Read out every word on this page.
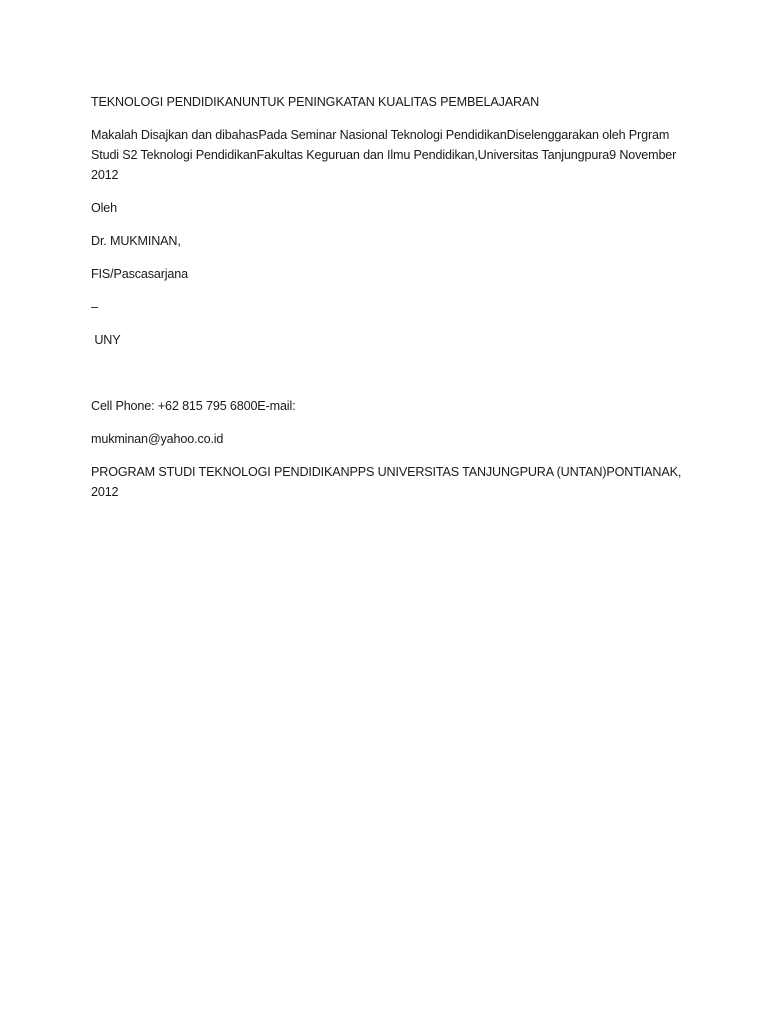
TEKNOLOGI PENDIDIKANUNTUK PENINGKATAN KUALITAS PEMBELAJARAN

Makalah Disajkan dan dibahasPada Seminar Nasional Teknologi PendidikanDiselenggarakan oleh Prgram Studi S2 Teknologi PendidikanFakultas Keguruan dan Ilmu Pendidikan,Universitas Tanjungpura9 November 2012

Oleh

Dr. MUKMINAN,

FIS/Pascasarjana

–

UNY

Cell Phone: +62 815 795 6800E-mail:

mukminan@yahoo.co.id

PROGRAM STUDI TEKNOLOGI PENDIDIKANPPS UNIVERSITAS TANJUNGPURA (UNTAN)PONTIANAK, 2012
